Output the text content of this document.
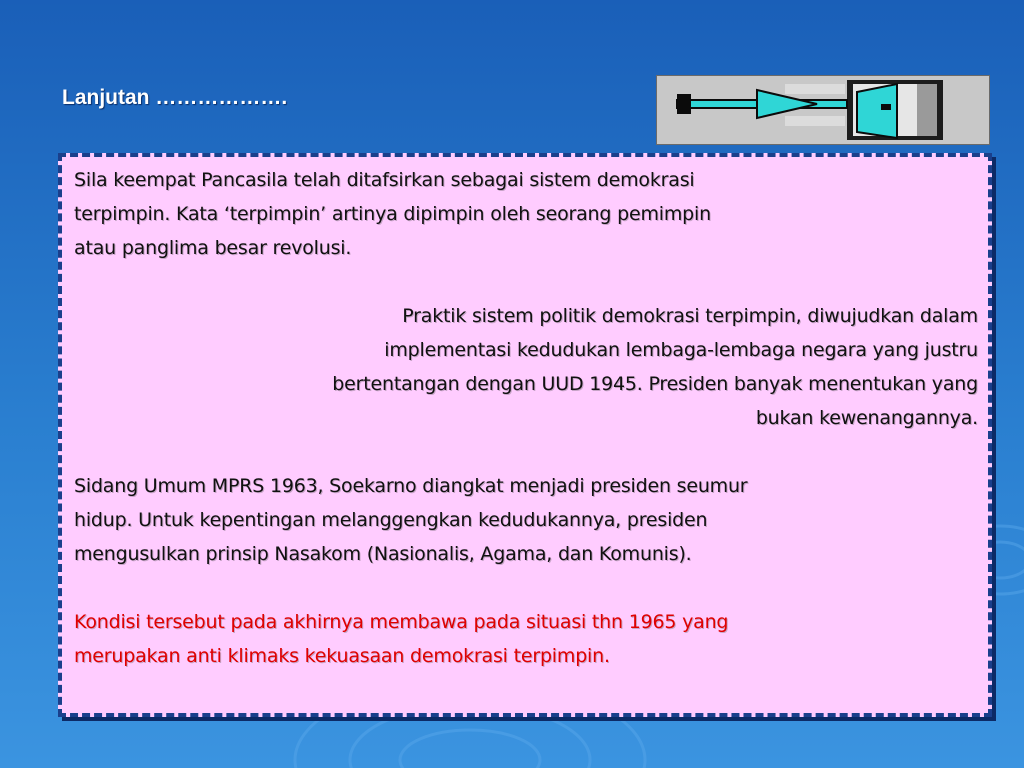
Lanjutan ……………….

Sila keempat Pancasila telah ditafsirkan sebagai sistem demokrasi
terpimpin. Kata ‘terpimpin’ artinya dipimpin oleh seorang pemimpin
atau panglima besar revolusi.

Praktik sistem politik demokrasi terpimpin, diwujudkan dalam
implementasi kedudukan lembaga-lembaga negara yang justru
bertentangan dengan UUD 1945. Presiden banyak menentukan yang
bukan kewenangannya.

Sidang Umum MPRS 1963, Soekarno diangkat menjadi presiden seumur
hidup. Untuk kepentingan melanggengkan kedudukannya, presiden
mengusulkan prinsip Nasakom (Nasionalis, Agama, dan Komunis).

Kondisi tersebut pada akhirnya membawa pada situasi thn 1965 yang
merupakan anti klimaks kekuasaan demokrasi terpimpin.
